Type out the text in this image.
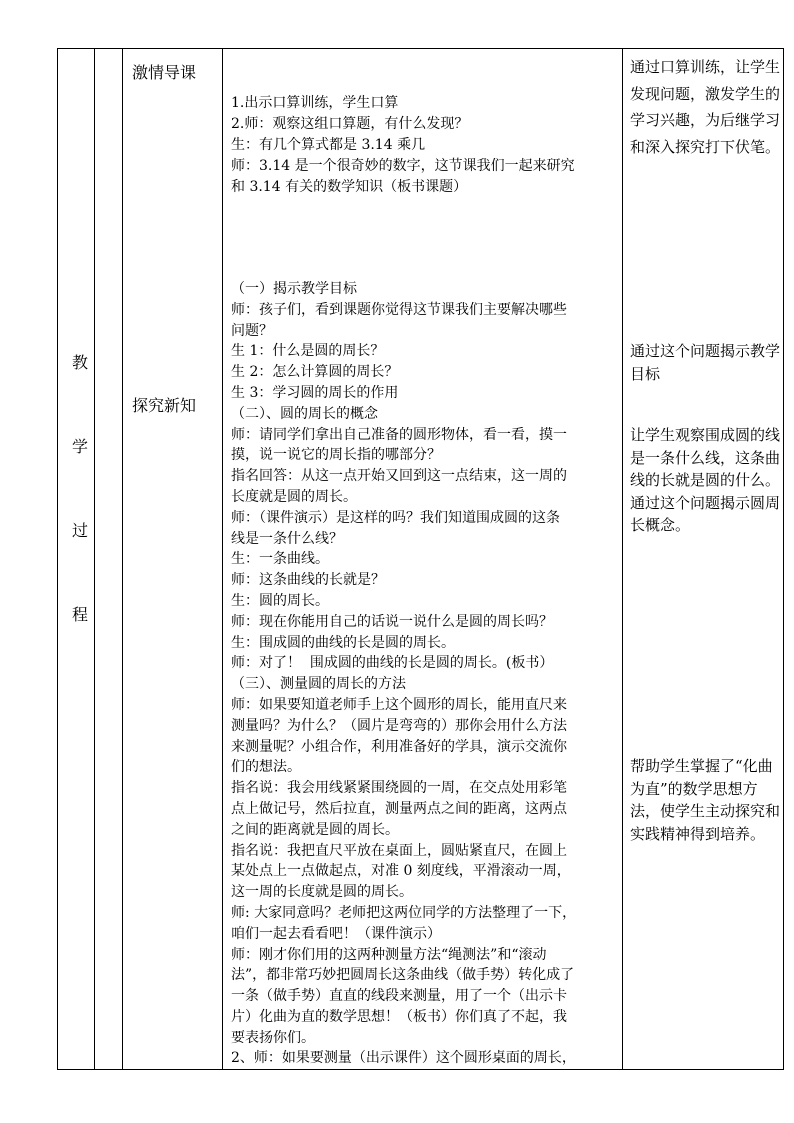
教
学
过
程
激情导课
探究新知
1.出示口算训练，学生口算
2.师：观察这组口算题，有什么发现？
生：有几个算式都是 3.14 乘几
师：3.14 是一个很奇妙的数字，这节课我们一起来研究
和 3.14 有关的数学知识（板书课题）
（一）揭示教学目标
师：孩子们，看到课题你觉得这节课我们主要解决哪些
问题？
生 1：什么是圆的周长？
生 2：怎么计算圆的周长？
生 3：学习圆的周长的作用
（二）、圆的周长的概念
师：请同学们拿出自己准备的圆形物体，看一看，摸一
摸，说一说它的周长指的哪部分？
指名回答：从这一点开始又回到这一点结束，这一周的
长度就是圆的周长。
师：（课件演示）是这样的吗？我们知道围成圆的这条
线是一条什么线？
生：一条曲线。
师：这条曲线的长就是？
生：圆的周长。
师：现在你能用自己的话说一说什么是圆的周长吗？
生：围成圆的曲线的长是圆的周长。
师：对了！  围成圆的曲线的长是圆的周长。(板书）
（三）、测量圆的周长的方法
师：如果要知道老师手上这个圆形的周长，能用直尺来
测量吗？为什么？（圆片是弯弯的）那你会用什么方法
来测量呢？小组合作，利用准备好的学具，演示交流你
们的想法。
指名说：我会用线紧紧围绕圆的一周，在交点处用彩笔
点上做记号，然后拉直，测量两点之间的距离，这两点
之间的距离就是圆的周长。
指名说：我把直尺平放在桌面上，圆贴紧直尺，在圆上
某处点上一点做起点，对准 0 刻度线，平滑滚动一周，
这一周的长度就是圆的周长。
师: 大家同意吗？老师把这两位同学的方法整理了一下，
咱们一起去看看吧！（课件演示）
师：刚才你们用的这两种测量方法“绳测法”和“滚动
法”，都非常巧妙把圆周长这条曲线（做手势）转化成了
一条（做手势）直直的线段来测量，用了一个（出示卡
片）化曲为直的数学思想！（板书）你们真了不起，我
要表扬你们。
2、师：如果要测量（出示课件）这个圆形桌面的周长，
通过口算训练，让学生发现问题，激发学生的学习兴趣，为后继学习和深入探究打下伏笔。
通过这个问题揭示教学目标
让学生观察围成圆的线是一条什么线，这条曲线的长就是圆的什么。通过这个问题揭示圆周长概念。
帮助学生掌握了“化曲为直”的数学思想方法，使学生主动探究和实践精神得到培养。
